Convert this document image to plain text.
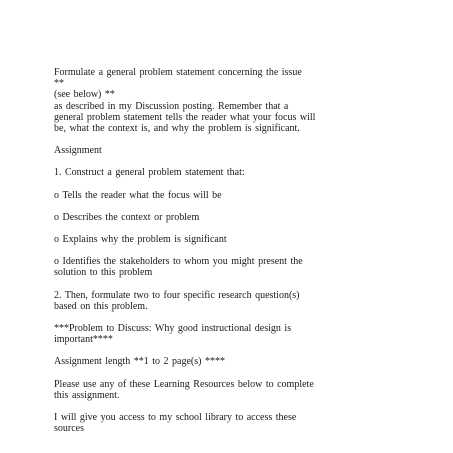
Formulate a general problem statement concerning the issue
**
(see below) **
as described in my Discussion posting. Remember that a
general problem statement tells the reader what your focus will
be, what the context is, and why the problem is significant.
Assignment
1. Construct a general problem statement that:
o Tells the reader what the focus will be
o Describes the context or problem
o Explains why the problem is significant
o Identifies the stakeholders to whom you might present the
solution to this problem
2. Then, formulate two to four specific research question(s)
based on this problem.
***Problem to Discuss: Why good instructional design is
important****
Assignment length **1 to 2 page(s) ****
Please use any of these Learning Resources below to complete
this assignment.
I will give you access to my school library to access these
sources
